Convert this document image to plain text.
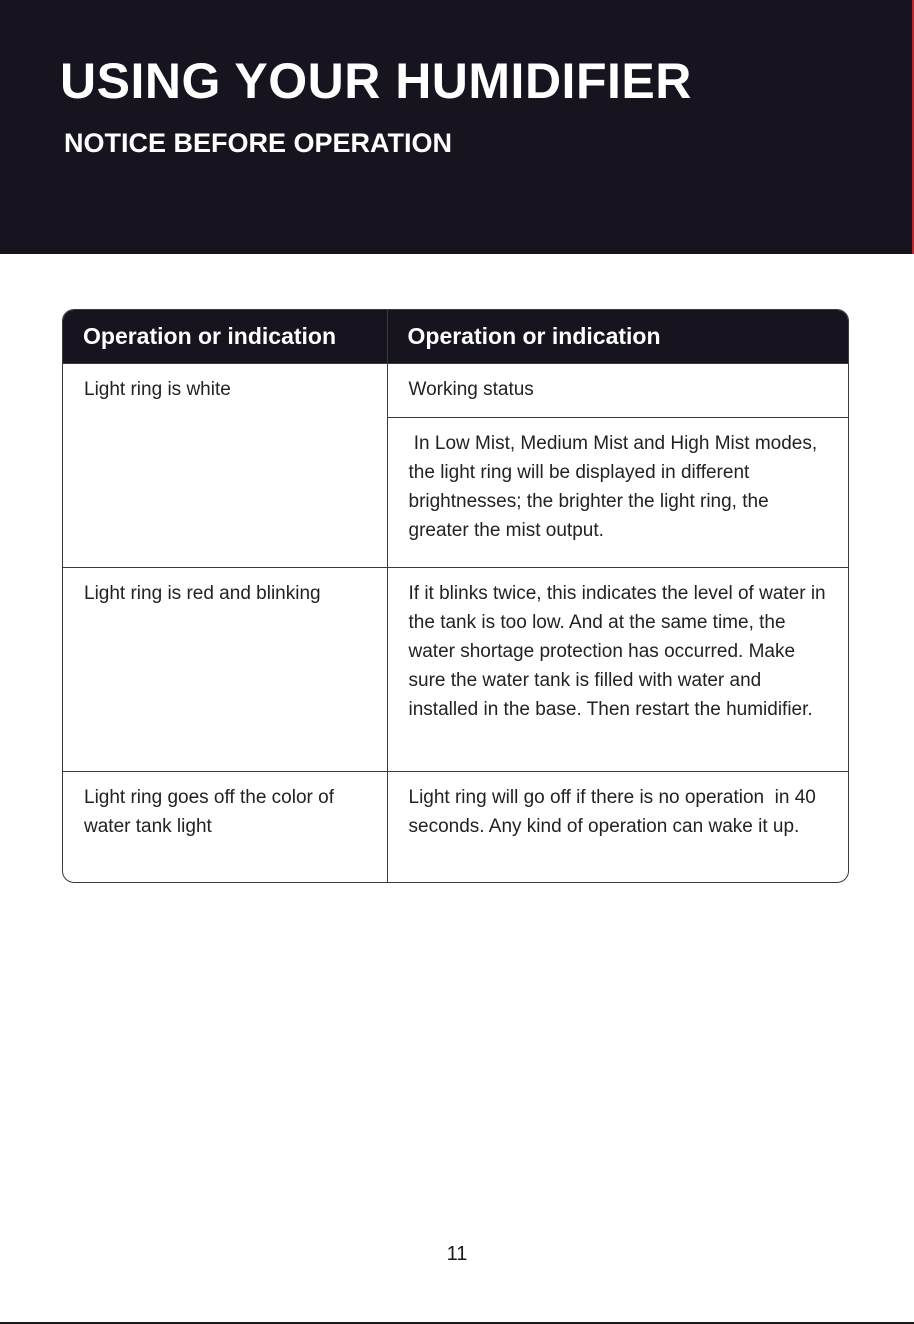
USING YOUR HUMIDIFIER
NOTICE BEFORE OPERATION
Operation or indication	Operation or indication
Light ring is white	Working status
	In Low Mist, Medium Mist and High Mist modes, the light ring will be displayed in different brightnesses; the brighter the light ring, the greater the mist output.
Light ring is red and blinking	If it blinks twice, this indicates the level of water in the tank is too low. And at the same time, the water shortage protection has occurred. Make sure the water tank is filled with water and installed in the base. Then restart the humidifier.
Light ring goes off the color of water tank light	Light ring will go off if there is no operation  in 40 seconds. Any kind of operation can wake it up.
11
